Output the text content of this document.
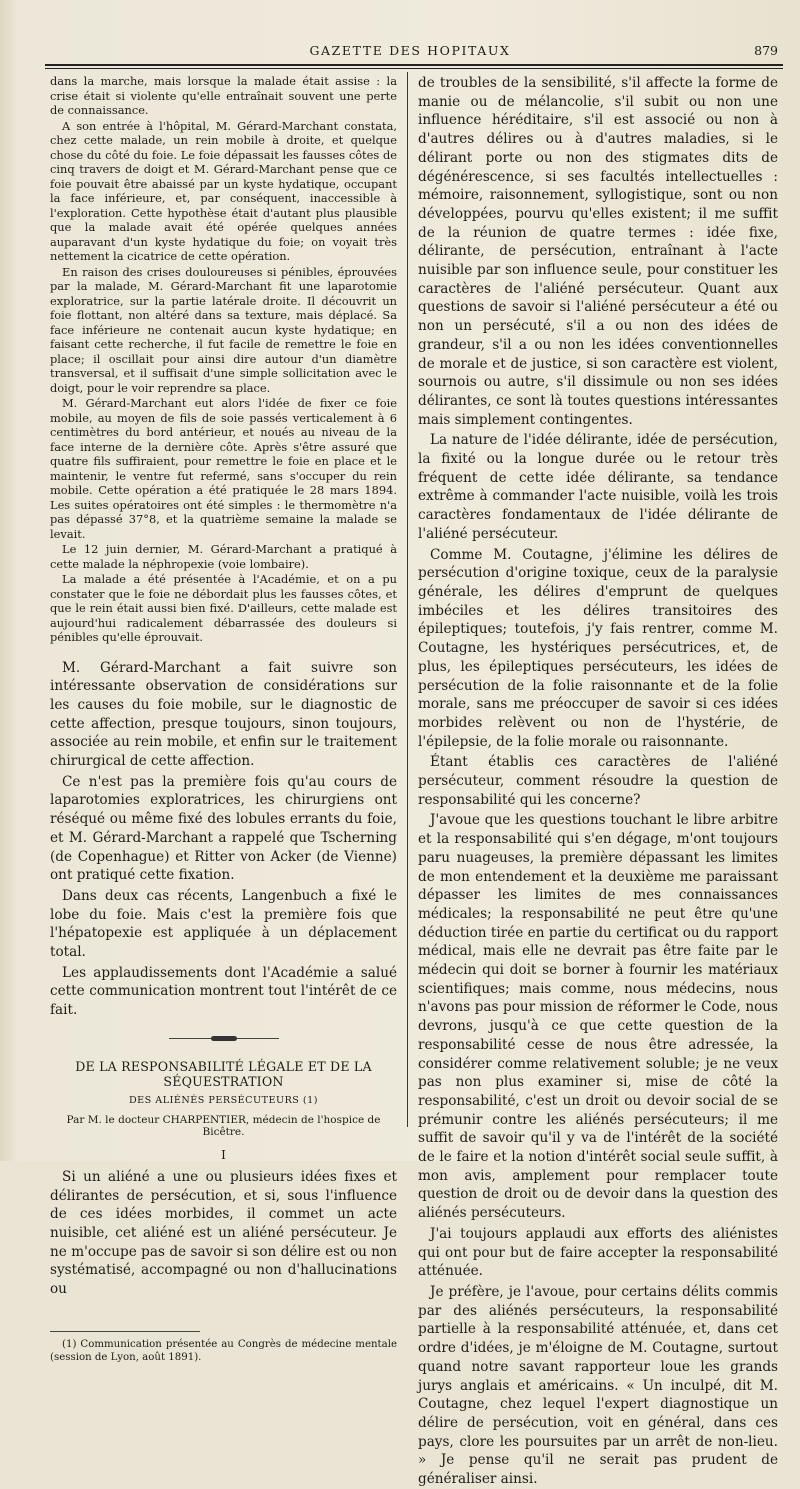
GAZETTE DES HOPITAUX	879

dans la marche, mais lorsque la malade était assise : la crise était si violente qu'elle entraînait souvent une perte de connaissance.

A son entrée à l'hôpital, M. Gérard-Marchant constata, chez cette malade, un rein mobile à droite, et quelque chose du côté du foie. Le foie dépassait les fausses côtes de cinq travers de doigt et M. Gérard-Marchant pense que ce foie pouvait être abaissé par un kyste hydatique, occupant la face inférieure, et, par conséquent, inaccessible à l'exploration. Cette hypothèse était d'autant plus plausible que la malade avait été opérée quelques années auparavant d'un kyste hydatique du foie; on voyait très nettement la cicatrice de cette opération.

En raison des crises douloureuses si pénibles, éprouvées par la malade, M. Gérard-Marchant fit une laparotomie exploratrice, sur la partie latérale droite. Il découvrit un foie flottant, non altéré dans sa texture, mais déplacé. Sa face inférieure ne contenait aucun kyste hydatique; en faisant cette recherche, il fut facile de remettre le foie en place; il oscillait pour ainsi dire autour d'un diamètre transversal, et il suffisait d'une simple sollicitation avec le doigt, pour le voir reprendre sa place.

M. Gérard-Marchant eut alors l'idée de fixer ce foie mobile, au moyen de fils de soie passés verticalement à 6 centimètres du bord antérieur, et noués au niveau de la face interne de la dernière côte. Après s'être assuré que quatre fils suffiraient, pour remettre le foie en place et le maintenir, le ventre fut refermé, sans s'occuper du rein mobile. Cette opération a été pratiquée le 28 mars 1894. Les suites opératoires ont été simples : le thermomètre n'a pas dépassé 37°8, et la quatrième semaine la malade se levait.

Le 12 juin dernier, M. Gérard-Marchant a pratiqué à cette malade la néphropexie (voie lombaire).

La malade a été présentée à l'Académie, et on a pu constater que le foie ne débordait plus les fausses côtes, et que le rein était aussi bien fixé. D'ailleurs, cette malade est aujourd'hui radicalement débarrassée des douleurs si pénibles qu'elle éprouvait.

M. Gérard-Marchant a fait suivre son intéressante observation de considérations sur les causes du foie mobile, sur le diagnostic de cette affection, presque toujours, sinon toujours, associée au rein mobile, et enfin sur le traitement chirurgical de cette affection.

Ce n'est pas la première fois qu'au cours de laparotomies exploratrices, les chirurgiens ont réséqué ou même fixé des lobules errants du foie, et M. Gérard-Marchant a rappelé que Tscherning (de Copenhague) et Ritter von Acker (de Vienne) ont pratiqué cette fixation.

Dans deux cas récents, Langenbuch a fixé le lobe du foie. Mais c'est la première fois que l'hépatopexie est appliquée à un déplacement total.

Les applaudissements dont l'Académie a salué cette communication montrent tout l'intérêt de ce fait.

DE LA RESPONSABILITÉ LÉGALE ET DE LA SÉQUESTRATION
DES ALIÉNÉS PERSÉCUTEURS (1)
Par M. le docteur CHARPENTIER, médecin de l'hospice de Bicêtre.
I

Si un aliéné a une ou plusieurs idées fixes et délirantes de persécution, et si, sous l'influence de ces idées morbides, il commet un acte nuisible, cet aliéné est un aliéné persécuteur. Je ne m'occupe pas de savoir si son délire est ou non systématisé, accompagné ou non d'hallucinations ou

(1) Communication présentée au Congrès de médecine mentale (session de Lyon, août 1891).

de troubles de la sensibilité, s'il affecte la forme de manie ou de mélancolie, s'il subit ou non une influence héréditaire, s'il est associé ou non à d'autres délires ou à d'autres maladies, si le délirant porte ou non des stigmates dits de dégénérescence, si ses facultés intellectuelles : mémoire, raisonnement, syllogistique, sont ou non développées, pourvu qu'elles existent; il me suffit de la réunion de quatre termes : idée fixe, délirante, de persécution, entraînant à l'acte nuisible par son influence seule, pour constituer les caractères de l'aliéné persécuteur. Quant aux questions de savoir si l'aliéné persécuteur a été ou non un persécuté, s'il a ou non des idées de grandeur, s'il a ou non les idées conventionnelles de morale et de justice, si son caractère est violent, sournois ou autre, s'il dissimule ou non ses idées délirantes, ce sont là toutes questions intéressantes mais simplement contingentes.

La nature de l'idée délirante, idée de persécution, la fixité ou la longue durée ou le retour très fréquent de cette idée délirante, sa tendance extrême à commander l'acte nuisible, voilà les trois caractères fondamentaux de l'idée délirante de l'aliéné persécuteur.

Comme M. Coutagne, j'élimine les délires de persécution d'origine toxique, ceux de la paralysie générale, les délires d'emprunt de quelques imbéciles et les délires transitoires des épileptiques; toutefois, j'y fais rentrer, comme M. Coutagne, les hystériques persécutrices, et, de plus, les épileptiques persécuteurs, les idées de persécution de la folie raisonnante et de la folie morale, sans me préoccuper de savoir si ces idées morbides relèvent ou non de l'hystérie, de l'épilepsie, de la folie morale ou raisonnante.

Étant établis ces caractères de l'aliéné persécuteur, comment résoudre la question de responsabilité qui les concerne?

J'avoue que les questions touchant le libre arbitre et la responsabilité qui s'en dégage, m'ont toujours paru nuageuses, la première dépassant les limites de mon entendement et la deuxième me paraissant dépasser les limites de mes connaissances médicales; la responsabilité ne peut être qu'une déduction tirée en partie du certificat ou du rapport médical, mais elle ne devrait pas être faite par le médecin qui doit se borner à fournir les matériaux scientifiques; mais comme, nous médecins, nous n'avons pas pour mission de réformer le Code, nous devrons, jusqu'à ce que cette question de la responsabilité cesse de nous être adressée, la considérer comme relativement soluble; je ne veux pas non plus examiner si, mise de côté la responsabilité, c'est un droit ou devoir social de se prémunir contre les aliénés persécuteurs; il me suffit de savoir qu'il y va de l'intérêt de la société de le faire et la notion d'intérêt social seule suffit, à mon avis, amplement pour remplacer toute question de droit ou de devoir dans la question des aliénés persécuteurs.

J'ai toujours applaudi aux efforts des aliénistes qui ont pour but de faire accepter la responsabilité atténuée.

Je préfère, je l'avoue, pour certains délits commis par des aliénés persécuteurs, la responsabilité partielle à la responsabilité atténuée, et, dans cet ordre d'idées, je m'éloigne de M. Coutagne, surtout quand notre savant rapporteur loue les grands jurys anglais et américains. « Un inculpé, dit M. Coutagne, chez lequel l'expert diagnostique un délire de persécution, voit en général, dans ces pays, clore les poursuites par un arrêt de non-lieu. » Je pense qu'il ne serait pas prudent de généraliser ainsi.
